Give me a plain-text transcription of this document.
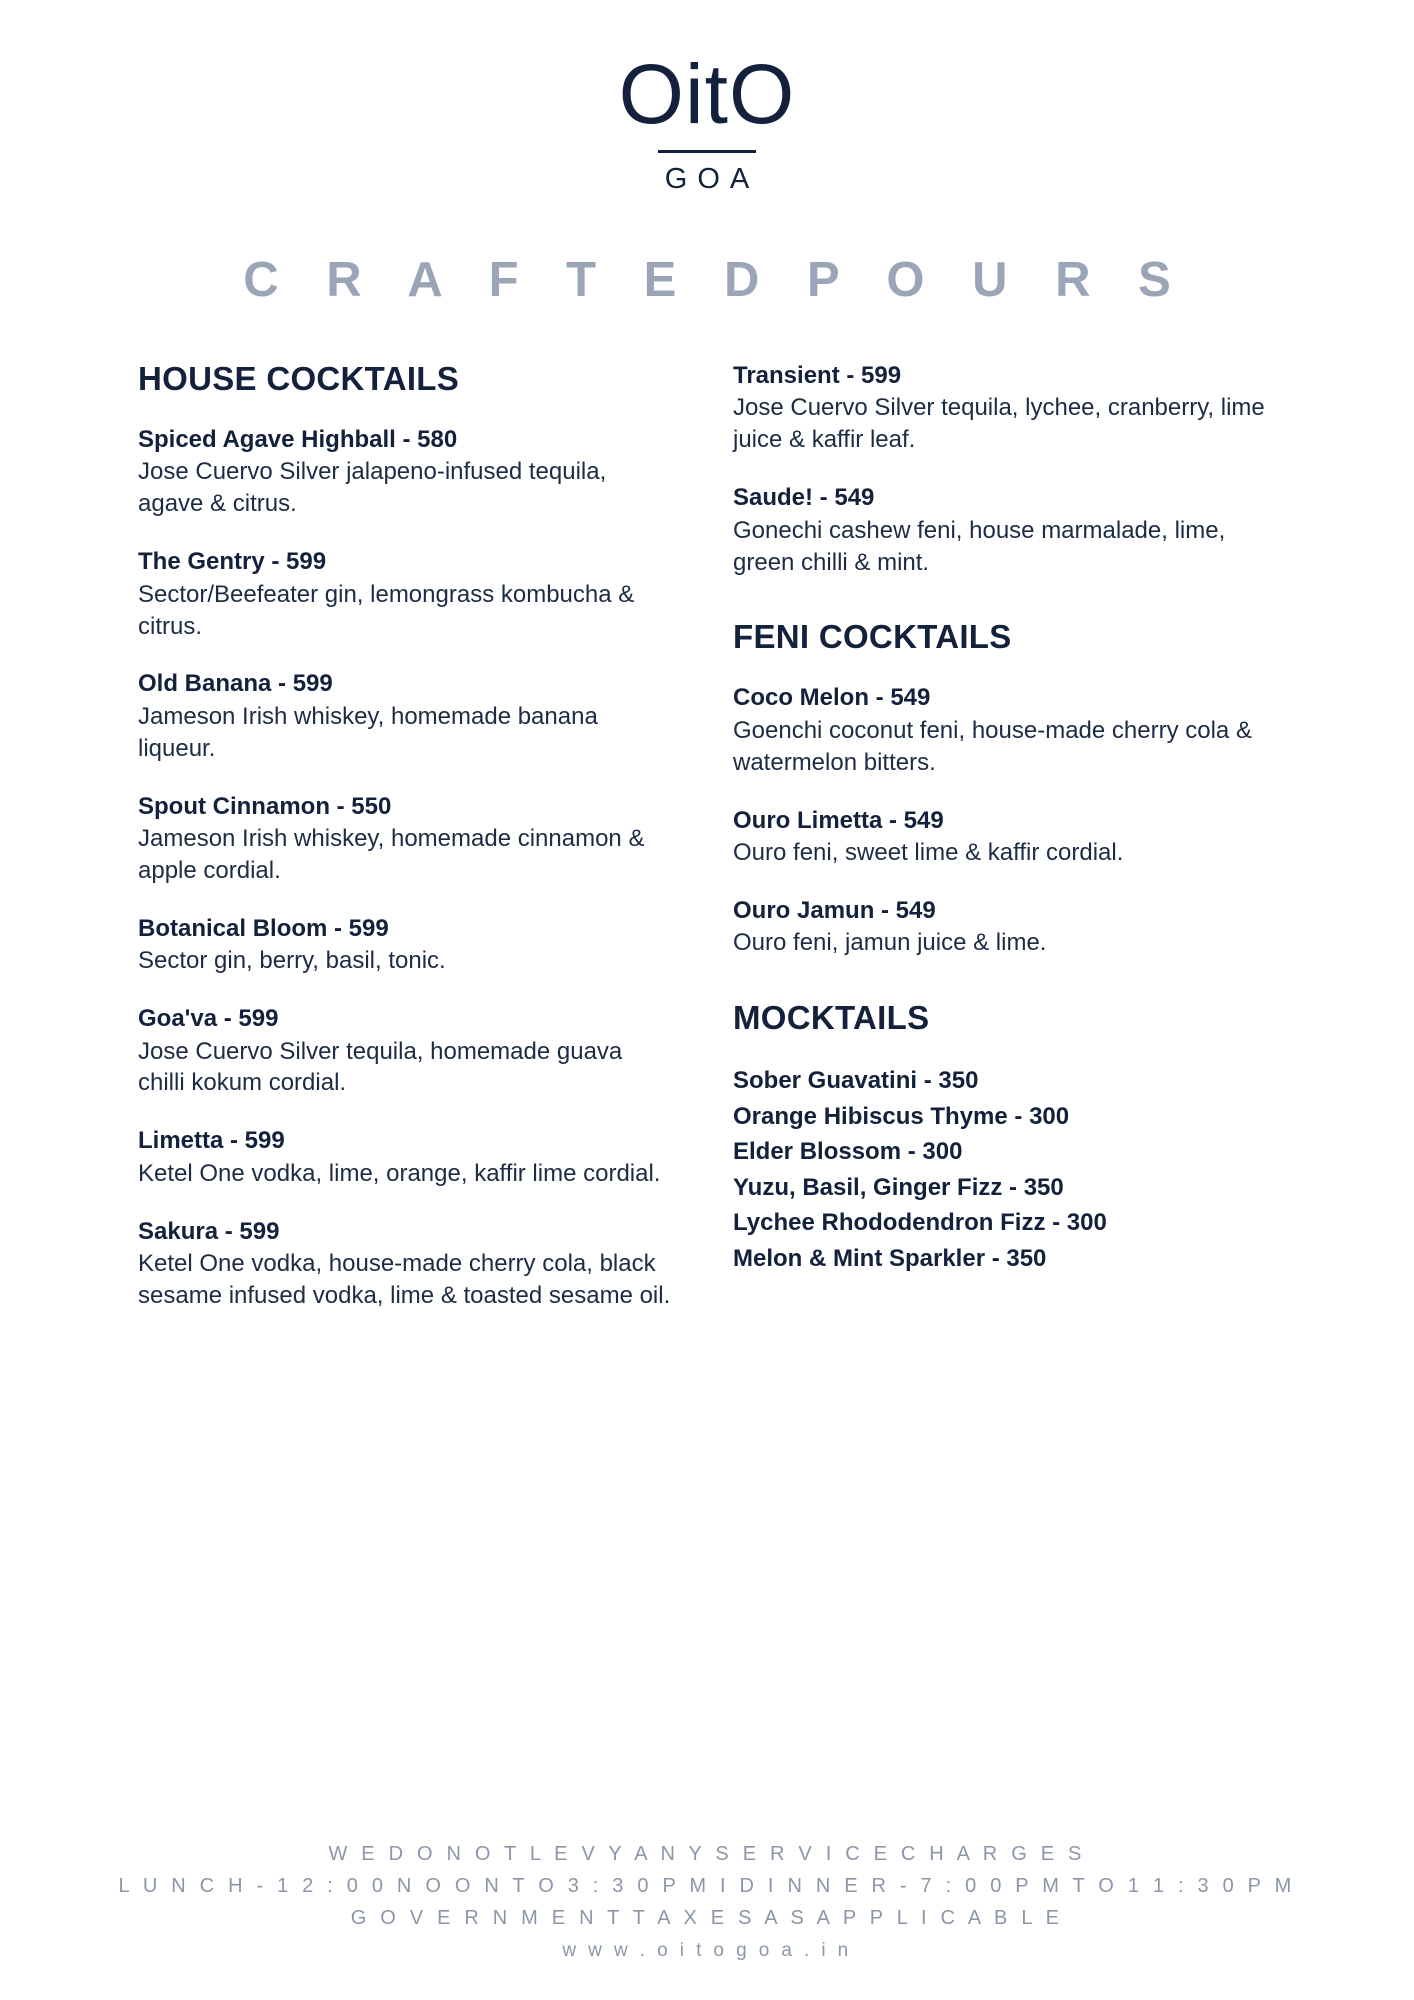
OitO
GOA
C R A F T E D P O U R S
HOUSE COCKTAILS
Spiced Agave Highball - 580
Jose Cuervo Silver jalapeno-infused tequila, agave & citrus.
The Gentry - 599
Sector/Beefeater gin, lemongrass kombucha & citrus.
Old Banana - 599
Jameson Irish whiskey, homemade banana liqueur.
Spout Cinnamon - 550
Jameson Irish whiskey, homemade cinnamon & apple cordial.
Botanical Bloom - 599
Sector gin, berry, basil, tonic.
Goa'va - 599
Jose Cuervo Silver tequila, homemade guava chilli kokum cordial.
Limetta - 599
Ketel One vodka, lime, orange, kaffir lime cordial.
Sakura - 599
Ketel One vodka, house-made cherry cola, black sesame infused vodka, lime & toasted sesame oil.
Transient - 599
Jose Cuervo Silver tequila, lychee, cranberry, lime juice & kaffir leaf.
Saude! - 549
Gonechi cashew feni, house marmalade, lime, green chilli & mint.
FENI COCKTAILS
Coco Melon - 549
Goenchi coconut feni, house-made cherry cola & watermelon bitters.
Ouro Limetta - 549
Ouro feni, sweet lime & kaffir cordial.
Ouro Jamun - 549
Ouro feni, jamun juice & lime.
MOCKTAILS
Sober Guavatini - 350
Orange Hibiscus Thyme - 300
Elder Blossom - 300
Yuzu, Basil, Ginger Fizz - 350
Lychee Rhododendron Fizz - 300
Melon & Mint Sparkler - 350
W E D O N O T L E V Y A N Y S E R V I C E C H A R G E S
L U N C H - 1 2 : 0 0 N O O N T O 3 : 3 0 P M I D I N N E R - 7 : 0 0 P M T O 1 1 : 3 0 P M
G O V E R N M E N T T A X E S A S A P P L I C A B L E
w w w . o i t o g o a . i n
